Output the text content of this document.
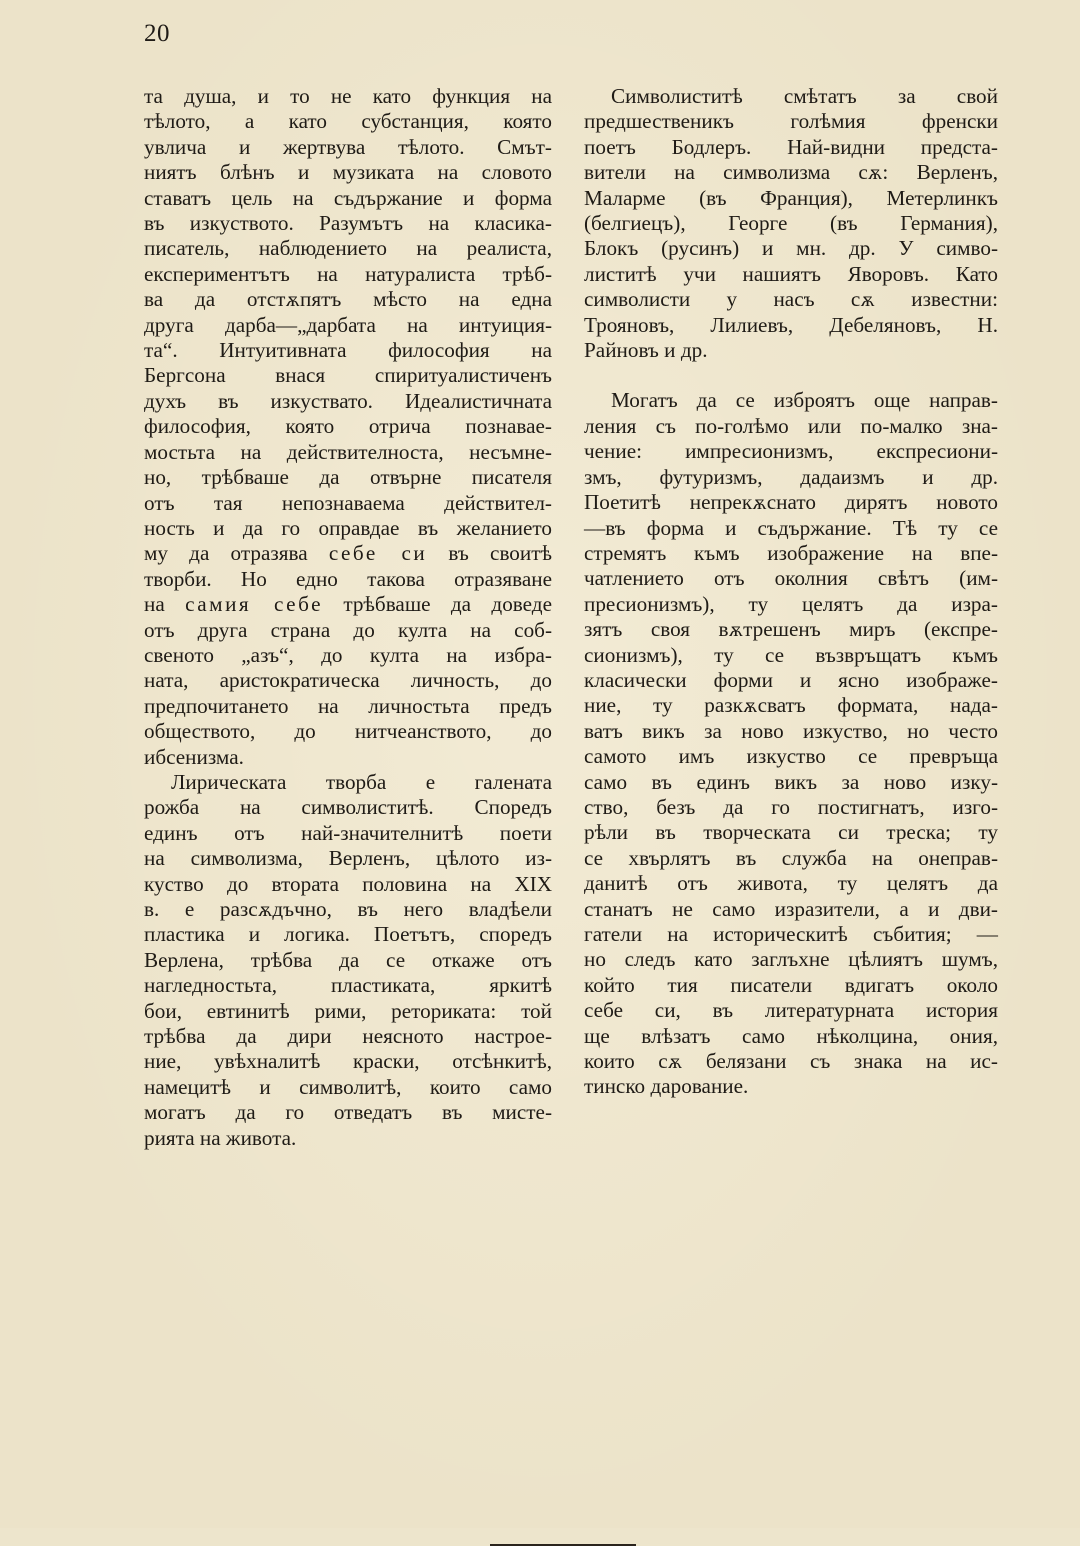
20

та душа, и то не като функция на
тѣлото, а като субстанция, която
увлича и жертвува тѣлото. Смът-
ниятъ блѣнъ и музиката на словото
ставатъ цель на съдържание и форма
въ изкуството. Разумътъ на класика-
писатель, наблюдението на реалиста,
експериментътъ на натуралиста трѣб-
ва да отстѫпятъ мѣсто на една
друга дарба—„дарбата на интуиция-
та“. Интуитивната философия на
Бергсона внася спиритуалистиченъ
духъ въ изкуствато. Идеалистичната
философия, която отрича познавае-
мостьта на действителноста, несъмне-
но, трѣбваше да отвърне писателя
отъ тая непознаваема действител-
ность и да го оправдае въ желанието
му да отразява себе си въ своитѣ
творби. Но едно такова отразяване
на самия себе трѣбваше да доведе
отъ друга страна до култа на соб-
свеното „азъ“, до култа на избра-
ната, аристократическа личность, до
предпочитането на личностьта предъ
обществото, до нитчеанството, до
ибсенизма.

Лирическата творба е галената
рожба на символиститѣ. Споредъ
единъ отъ най-значителнитѣ поети
на символизма, Верленъ, цѣлото из-
куство до втората половина на XIX
в. е разсѫдъчно, въ него владѣели
пластика и логика. Поетътъ, споредъ
Верлена, трѣбва да се откаже отъ
нагледностьта, пластиката, яркитѣ
бои, евтинитѣ рими, реториката: той
трѣбва да дири неясното настрое-
ние, увѣхналитѣ краски, отсѣнкитѣ,
намецитѣ и символитѣ, които само
могатъ да го отведатъ въ мистe-
рията на живота.

Символиститѣ смѣтатъ за свой
предшественикъ голѣмия френски
поетъ Бодлеръ. Най-видни предста-
вители на символизма сѫ: Верленъ,
Маларме (въ Франция), Метерлинкъ
(белгиецъ), Георге (въ Германия),
Блокъ (русинъ) и мн. др. У симво-
листитѣ учи нашиятъ Яворовъ. Като
символисти у насъ сѫ известни:
Трояновъ, Лилиевъ, Дебеляновъ, Н.
Райновъ и др.

Могатъ да се изброятъ още направ-
ления съ по-голѣмо или по-малко зна-
чение: импресионизмъ, експресиони-
змъ, футуризмъ, дадаизмъ и др.
Поетитѣ непрекѫснато дирятъ новото
—въ форма и съдържание. Тѣ ту се
стремятъ къмъ изображение на впе-
чатлението отъ околния свѣтъ (им-
пресионизмъ), ту целятъ да изра-
зятъ своя вѫтрешенъ миръ (експре-
сионизмъ), ту се възвръщатъ къмъ
класически форми и ясно изображе-
ние, ту разкѫсватъ формата, нада-
ватъ викъ за ново изкуство, но често
самото имъ изкуство се превръща
само въ единъ викъ за ново изку-
ство, безъ да го постигнатъ, изго-
рѣли въ творческата си треска; ту
се хвърлятъ въ служба на онеправ-
данитѣ отъ живота, ту целятъ да
станатъ не само изразители, а и дви-
гатели на историческитѣ събития; —
но следъ като заглъхне цѣлиятъ шумъ,
който тия писатели вдигатъ около
себе си, въ литературната история
ще влѣзатъ само нѣколцина, ония,
които сѫ белязани съ знака на ис-
тинско дарование.
